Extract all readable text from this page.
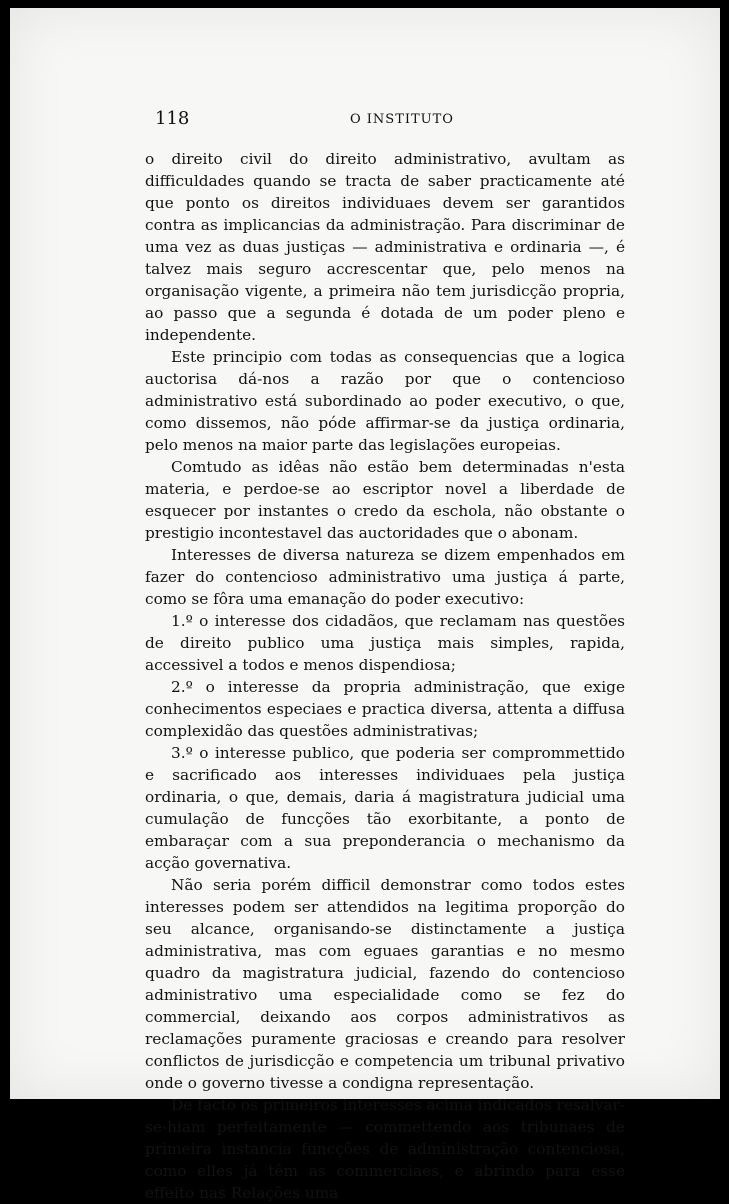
118	O INSTITUTO

o direito civil do direito administrativo, avultam as difficuldades quando se tracta de saber practicamente até que ponto os direitos individuaes devem ser garantidos contra as implicancias da administração. Para discriminar de uma vez as duas justiças — administrativa e ordinaria —, é talvez mais seguro accrescentar que, pelo menos na organisação vigente, a primeira não tem jurisdicção propria, ao passo que a segunda é dotada de um poder pleno e independente.

Este principio com todas as consequencias que a logica auctorisa dá-nos a razão por que o contencioso administrativo está subordinado ao poder executivo, o que, como dissemos, não póde affirmar-se da justiça ordinaria, pelo menos na maior parte das legislações europeias.

Comtudo as idêas não estão bem determinadas n'esta materia, e perdoe-se ao escriptor novel a liberdade de esquecer por instantes o credo da escholа, não obstante o prestigio incontestavel das auctoridades que o abonam.

Interesses de diversa natureza se dizem empenhados em fazer do contencioso administrativo uma justiça á parte, como se fôra uma emanação do poder executivo:

1.º o interesse dos cidadãos, que reclamam nas questões de direito publico uma justiça mais simples, rapida, accessivel a todos e menos dispendiosa;

2.º o interesse da propria administração, que exige conhecimentos especiaes e practica diversa, attenta a diffusa complexidão das questões administrativas;

3.º o interesse publico, que poderia ser comprommettido e sacrificado aos interesses individuaes pela justiça ordinaria, o que, demais, daria á magistratura judicial uma cumulação de funcções tão exorbitante, a ponto de embaraçar com a sua preponderancia o mechanismo da acção governativa.

Não seria porém difficil demonstrar como todos estes interesses podem ser attendidos na legitima proporção do seu alcance, organisando-se distinctamente a justiça administrativa, mas com eguaes garantias e no mesmo quadro da magistratura judicial, fazendo do contencioso administrativo uma especialidade como se fez do commercial, deixando aos corpos administrativos as reclamações puramente graciosas e creando para resolver conflictos de jurisdicção e competencia um tribunal privativo onde o governo tivesse a condigna representação.

De facto os primeiros interesses acima indicados resalvar-se-hiam perfeitamente — commettendo aos tribunaes de primeira instancia funcções de administração contenciosa, como elles já têm as commerciaes, e abrindo para esse effeito nas Relações uma
